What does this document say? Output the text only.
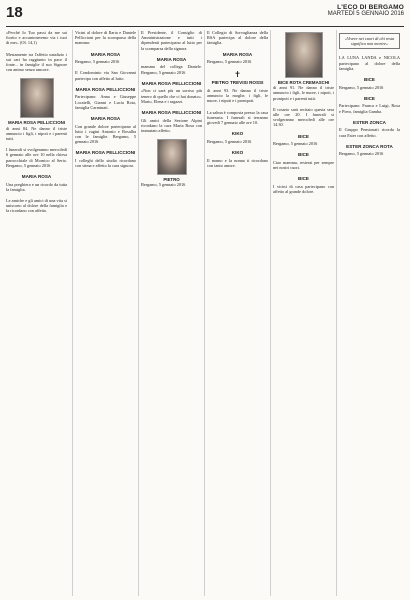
18	L'ECO DI BERGAMO
MARTEDÌ 5 GENNAIO 2016

«Perché Io Tuo passi da me sai fiorito e accantoneremo via i tuoi di me». (Ol. 14,1)

Mestamente tra l'affetto natalizio i sui cari ha raggiunto in pace il fonte... in famiglie il suo Signore con animo senza rancore.

MARIA ROSA PELLICCIONI

di anni 84. Ne danno il triste annuncio i figli, i nipoti e i parenti tutti.

I funerali si svolgeranno mercoledì 6 gennaio alle ore 10 nella chiesa parrocchiale di Mornico al Serio. Bergamo, 5 gennaio 2016

MARIA ROSA

Una preghiera e un ricordo da tutta la famiglia.

Le amiche e gli amici di una vita si uniscono al dolore della famiglia e la ricordano con affetto.

Vicini al dolore di Ilaria e Daniele Pelliccioni per la scomparsa della mamma:

MARIA ROSA

Bergamo, 5 gennaio 2016

Il Condominio via San Giovanni partecipa con affetto al lutto.

MARIA ROSA PELLICCIONI

Partecipano: Anna e Giuseppe Locatelli, Gianni e Lucia Rota, famiglia Carminati.

MARIA ROSA

Con grande dolore partecipano al lutto i cugini Antonio e Rosalba con le famiglie. Bergamo, 5 gennaio 2016

MARIA ROSA PELLICCIONI

I colleghi dello studio ricordano con stima e affetto la cara signora.

Il Presidente, il Consiglio di Amministrazione e tutti i dipendenti partecipano al lutto per la scomparsa della signora

MARIA ROSA

mamma del collega Daniele. Bergamo, 5 gennaio 2016

MARIA ROSA PELLICCIONI

«Non ci sarà più un sorriso più tenero di quello che ci hai donato». Mario, Elena e i ragazzi.

MARIA ROSA PELLICCIONI

Gli amici della Sezione Alpini ricordano la cara Maria Rosa con immutato affetto.

PIETRO

Bergamo, 5 gennaio 2016

Il Collegio di Sorvaglianza della RSA partecipa al dolore della famiglia.

MARIA ROSA

Bergamo, 5 gennaio 2016

✝
PIETRO TREVISI ROSSI

di anni 93. Ne danno il triste annuncio la moglie, i figli, le nuore, i nipoti e i pronipoti.

La salma è composta presso la casa funeraria. I funerali si terranno giovedì 7 gennaio alle ore 10.

KIKO

Bergamo, 5 gennaio 2016

KIKO

Il nonno e la nonna ti ricordano con tanto amore.

BICE ROTA CREMASCHI

di anni 91. Ne danno il triste annuncio i figli, le nuore, i nipoti, i pronipoti e i parenti tutti.

Il rosario sarà recitato questa sera alle ore 20. I funerali si svolgeranno mercoledì alle ore 14.30.

BICE

Bergamo, 5 gennaio 2016

BICE

Ciao mamma, resterai per sempre nei nostri cuori.

BICE

I vicini di casa partecipano con affetto al grande dolore.

«Vivere nei cuori di chi resta significa non morire»

LA LUNA LANDA e NICOLA partecipano al dolore della famiglia.

BICE

Bergamo, 5 gennaio 2016

BICE

Partecipano: Franca e Luigi, Rosa e Piero, famiglia Gamba.

ESTER ZONCA

Il Gruppo Pensionati ricorda la cara Ester con affetto.

ESTER ZONCA ROTA

Bergamo, 5 gennaio 2016
